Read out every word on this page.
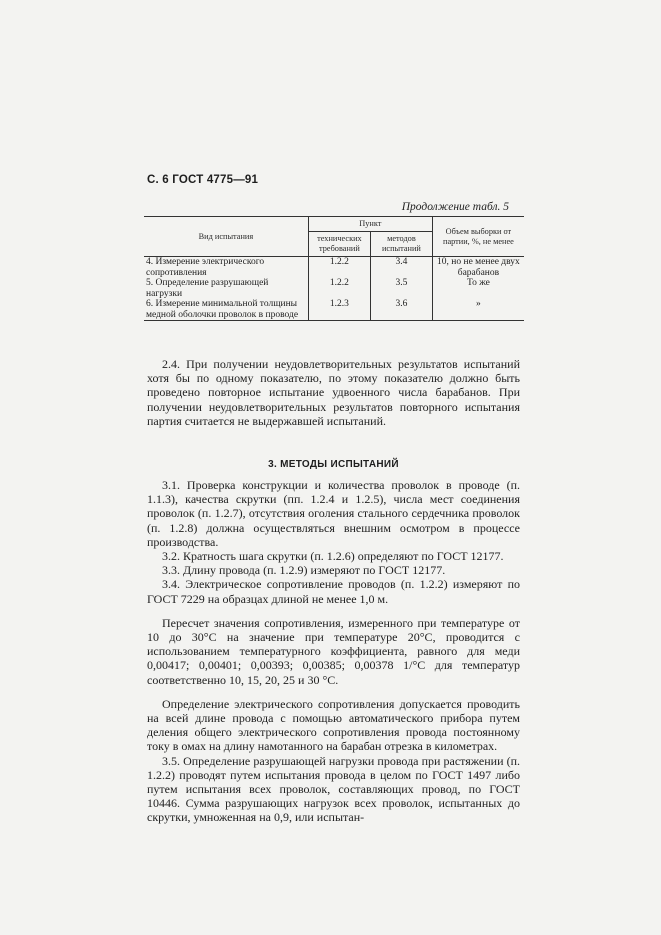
С. 6 ГОСТ 4775—91
Продолжение табл. 5
Вид испытания	Пункт		Объем выборки от партии, %, не менее
	технических требований	методов испытаний	
4. Измерение электрического сопротивления	1.2.2	3.4	10, но не менее двух барабанов
5. Определение разрушающей нагрузки	1.2.2	3.5	То же
6. Измерение минимальной толщины медной оболочки проволок в проводе	1.2.3	3.6	»

2.4. При получении неудовлетворительных результатов испытаний хотя бы по одному показателю, по этому показателю должно быть проведено повторное испытание удвоенного числа барабанов. При получении неудовлетворительных результатов повторного испытания партия считается не выдержавшей испытаний.

3. МЕТОДЫ ИСПЫТАНИЙ

3.1. Проверка конструкции и количества проволок в проводе (п. 1.1.3), качества скрутки (пп. 1.2.4 и 1.2.5), числа мест соединения проволок (п. 1.2.7), отсутствия оголения стального сердечника проволок (п. 1.2.8) должна осуществляться внешним осмотром в процессе производства.

3.2. Кратность шага скрутки (п. 1.2.6) определяют по ГОСТ 12177.

3.3. Длину провода (п. 1.2.9) измеряют по ГОСТ 12177.

3.4. Электрическое сопротивление проводов (п. 1.2.2) измеряют по ГОСТ 7229 на образцах длиной не менее 1,0 м.

Пересчет значения сопротивления, измеренного при температуре от 10 до 30°С на значение при температуре 20°С, проводится с использованием температурного коэффициента, равного для меди 0,00417; 0,00401; 0,00393; 0,00385; 0,00378 1/°С для температур соответственно 10, 15, 20, 25 и 30 °С.

Определение электрического сопротивления допускается проводить на всей длине провода с помощью автоматического прибора путем деления общего электрического сопротивления провода постоянному току в омах на длину намотанного на барабан отрезка в километрах.

3.5. Определение разрушающей нагрузки провода при растяжении (п. 1.2.2) проводят путем испытания провода в целом по ГОСТ 1497 либо путем испытания всех проволок, составляющих провод, по ГОСТ 10446. Сумма разрушающих нагрузок всех проволок, испытанных до скрутки, умноженная на 0,9, или испытан-
